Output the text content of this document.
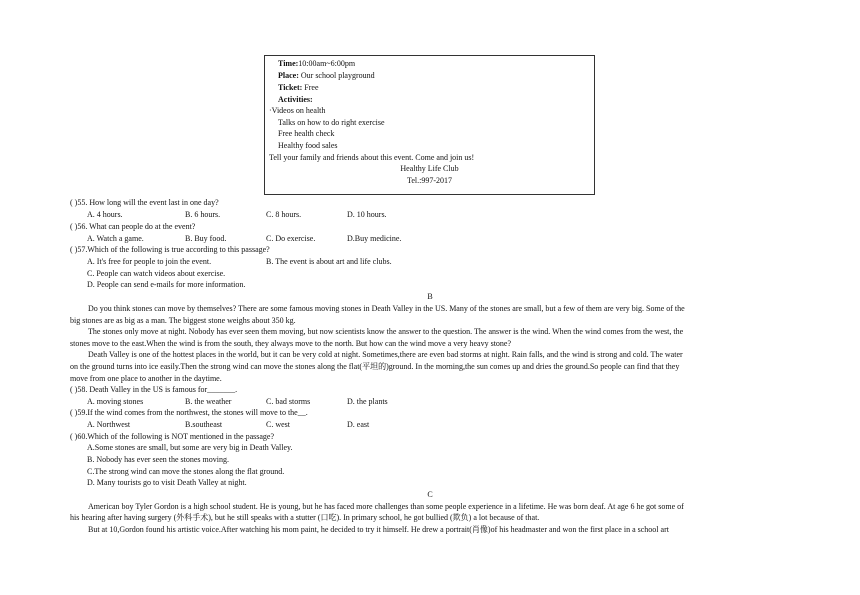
Time:10:00am~6:00pm
Place: Our school playground
Ticket: Free
Activities:
·Videos on health
Talks on how to do right exercise
Free health check
Healthy food sales
Tell your family and friends about this event. Come and join us!
Healthy Life Club
Tel.:997-2017
( )55. How long will the event last in one day?
A. 4 hours.	B. 6 hours.	C. 8 hours.	D. 10 hours.
( )56. What can people do at the event?
A. Watch a game.	B. Buy food.	C. Do exercise.	D.Buy medicine.
( )57.Which of the following is true according to this passage?
A. It's free for people to join the event.	B. The event is about art and life clubs.
C. People can watch videos about exercise.
D. People can send e-mails for more information.
B
Do you think stones can move by themselves? There are some famous moving stones in Death Valley in the US. Many of the stones are small, but a few of them are very big. Some of the
big stones are as big as a man. The biggest stone weighs about 350 kg.
The stones only move at night. Nobody has ever seen them moving, but now scientists know the answer to the question. The answer is the wind. When the wind comes from the west, the
stones move to the east.When the wind is from the south, they always move to the north. But how can the wind move a very heavy stone?
Death Valley is one of the hottest places in the world, but it can be very cold at night. Sometimes,there are even bad storms at night. Rain falls, and the wind is strong and cold. The water
on the ground turns into ice easily.Then the strong wind can move the stones along the flat(平坦的)ground. In the morning,the sun comes up and dries the ground.So people can find that they
move from one place to another in the daytime.
( )58. Death Valley in the US is famous for_______.
A. moving stones	B. the weather	C. bad storms	D. the plants
( )59.If the wind comes from the northwest, the stones will move to the__.
A. Northwest	B.southeast	C. west	D. east
( )60.Which of the following is NOT mentioned in the passage?
A.Some stones are small, but some are very big in Death Valley.
B. Nobody has ever seen the stones moving.
C.The strong wind can move the stones along the flat ground.
D. Many tourists go to visit Death Valley at night.
C
American boy Tyler Gordon is a high school student. He is young, but he has faced more challenges than some people experience in a lifetime. He was born deaf. At age 6 he got some of
his hearing after having surgery (外科手术), but he still speaks with a stutter (口吃). In primary school, he got bullied (欺负) a lot because of that.
But at 10,Gordon found his artistic voice.After watching his mom paint, he decided to try it himself. He drew a portrait(肖像)of his headmaster and won the first place in a school art
